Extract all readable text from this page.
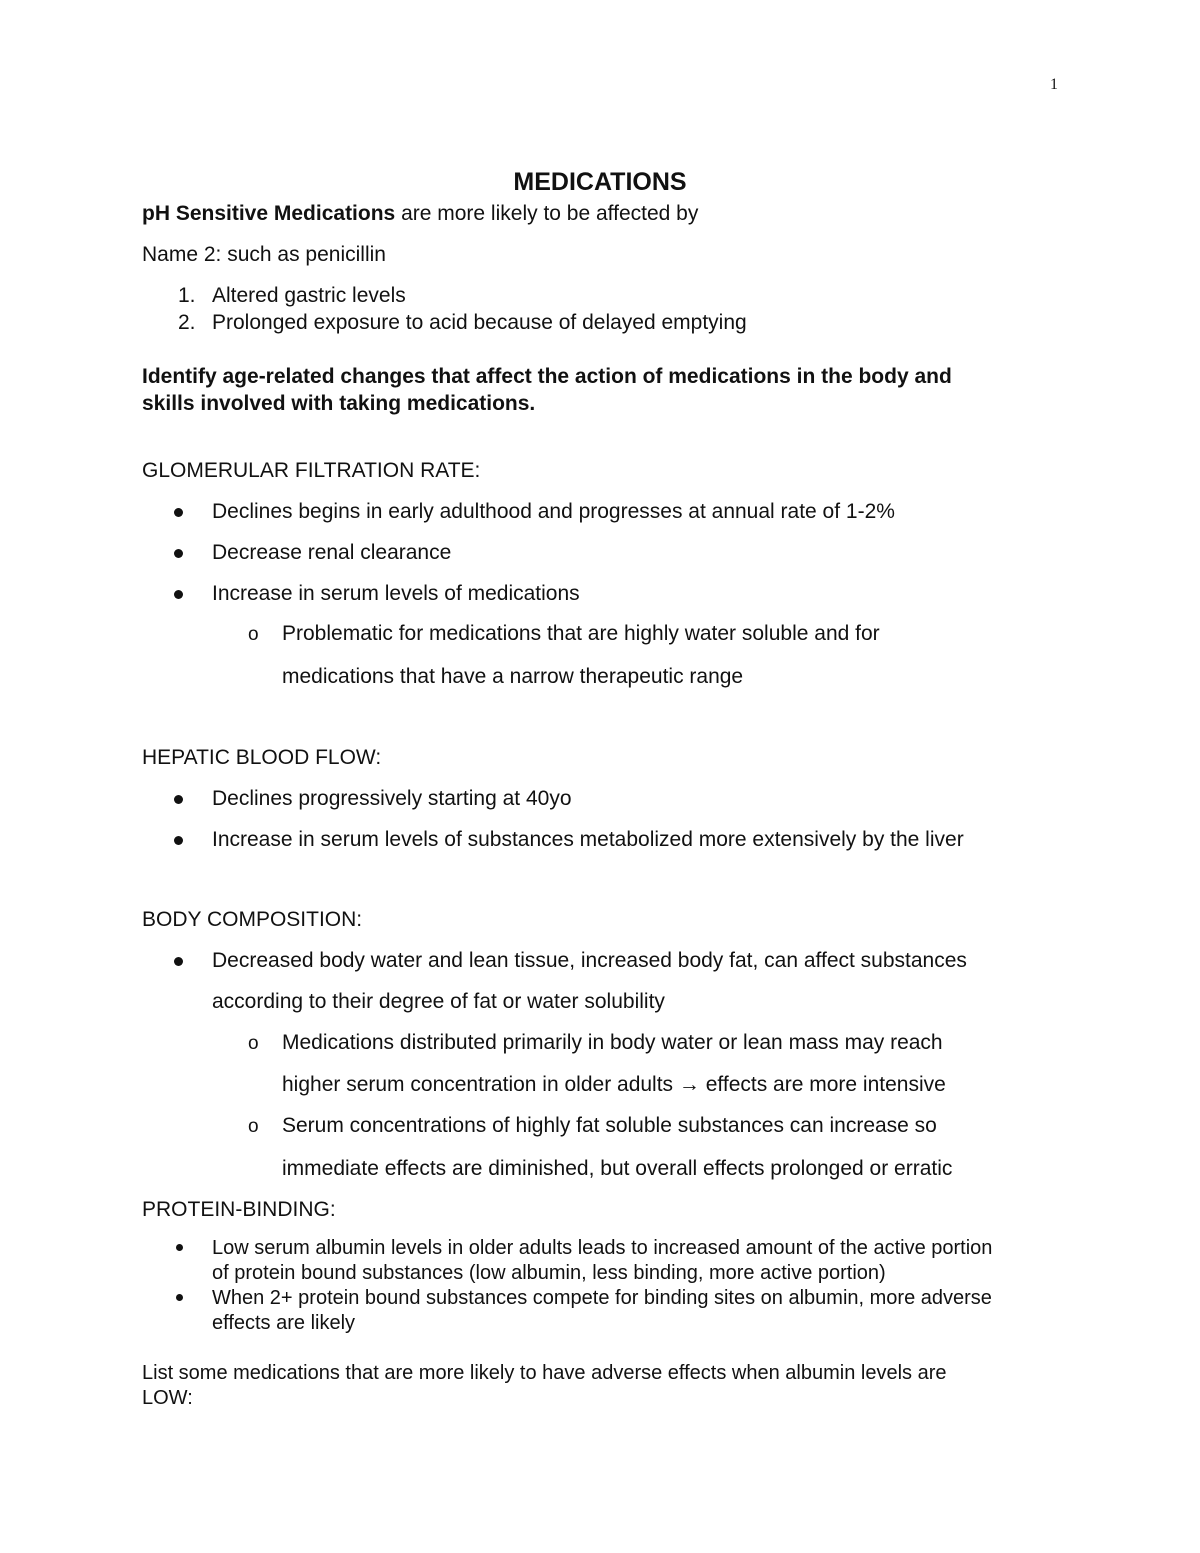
1
MEDICATIONS
pH Sensitive Medications are more likely to be affected by
Name 2: such as penicillin
1. Altered gastric levels
2. Prolonged exposure to acid because of delayed emptying
Identify age-related changes that affect the action of medications in the body and
skills involved with taking medications.
GLOMERULAR FILTRATION RATE:
Declines begins in early adulthood and progresses at annual rate of 1-2%
Decrease renal clearance
Increase in serum levels of medications
o Problematic for medications that are highly water soluble and for
medications that have a narrow therapeutic range
HEPATIC BLOOD FLOW:
Declines progressively starting at 40yo
Increase in serum levels of substances metabolized more extensively by the liver
BODY COMPOSITION:
Decreased body water and lean tissue, increased body fat, can affect substances
according to their degree of fat or water solubility
o Medications distributed primarily in body water or lean mass may reach
higher serum concentration in older adults → effects are more intensive
o Serum concentrations of highly fat soluble substances can increase so
immediate effects are diminished, but overall effects prolonged or erratic
PROTEIN-BINDING:
Low serum albumin levels in older adults leads to increased amount of the active portion
of protein bound substances (low albumin, less binding, more active portion)
When 2+ protein bound substances compete for binding sites on albumin, more adverse
effects are likely
List some medications that are more likely to have adverse effects when albumin levels are
LOW:
